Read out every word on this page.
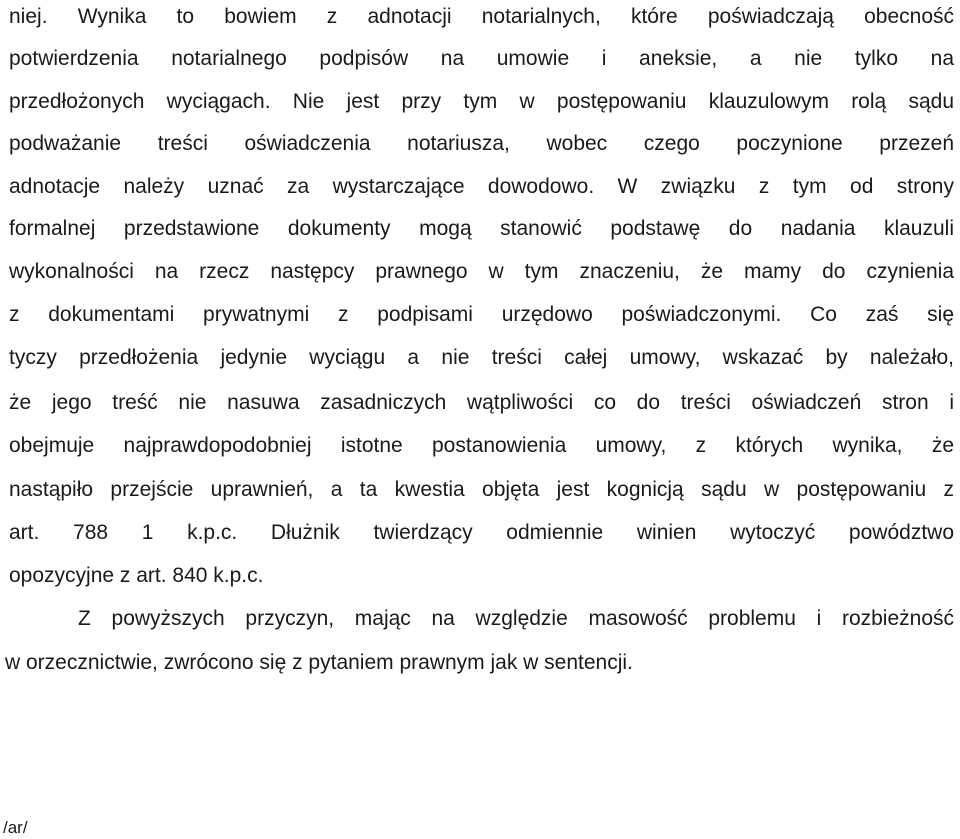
niej. Wynika to bowiem z adnotacji notarialnych, które poświadczają obecność
potwierdzenia notarialnego podpisów na umowie i aneksie, a nie tylko na
przedłożonych wyciągach. Nie jest przy tym w postępowaniu klauzulowym rolą sądu
podważanie treści oświadczenia notariusza, wobec czego poczynione przezeń
adnotacje należy uznać za wystarczające dowodowo. W związku z tym od strony
formalnej przedstawione dokumenty mogą stanowić podstawę do nadania klauzuli
wykonalności na rzecz następcy prawnego w tym znaczeniu, że mamy do czynienia
z dokumentami prywatnymi z podpisami urzędowo poświadczonymi. Co zaś się
tyczy przedłożenia jedynie wyciągu a nie treści całej umowy, wskazać by należało,
że jego treść nie nasuwa zasadniczych wątpliwości co do treści oświadczeń stron i
obejmuje najprawdopodobniej istotne postanowienia umowy, z których wynika, że
nastąpiło przejście uprawnień, a ta kwestia objęta jest kognicją sądu w postępowaniu z
art. 788 1 k.p.c. Dłużnik twierdzący odmiennie winien wytoczyć powództwo
opozycyjne z art. 840 k.p.c.
Z powyższych przyczyn, mając na względzie masowość problemu i rozbieżność
w orzecznictwie, zwrócono się z pytaniem prawnym jak w sentencji.
/ar/
